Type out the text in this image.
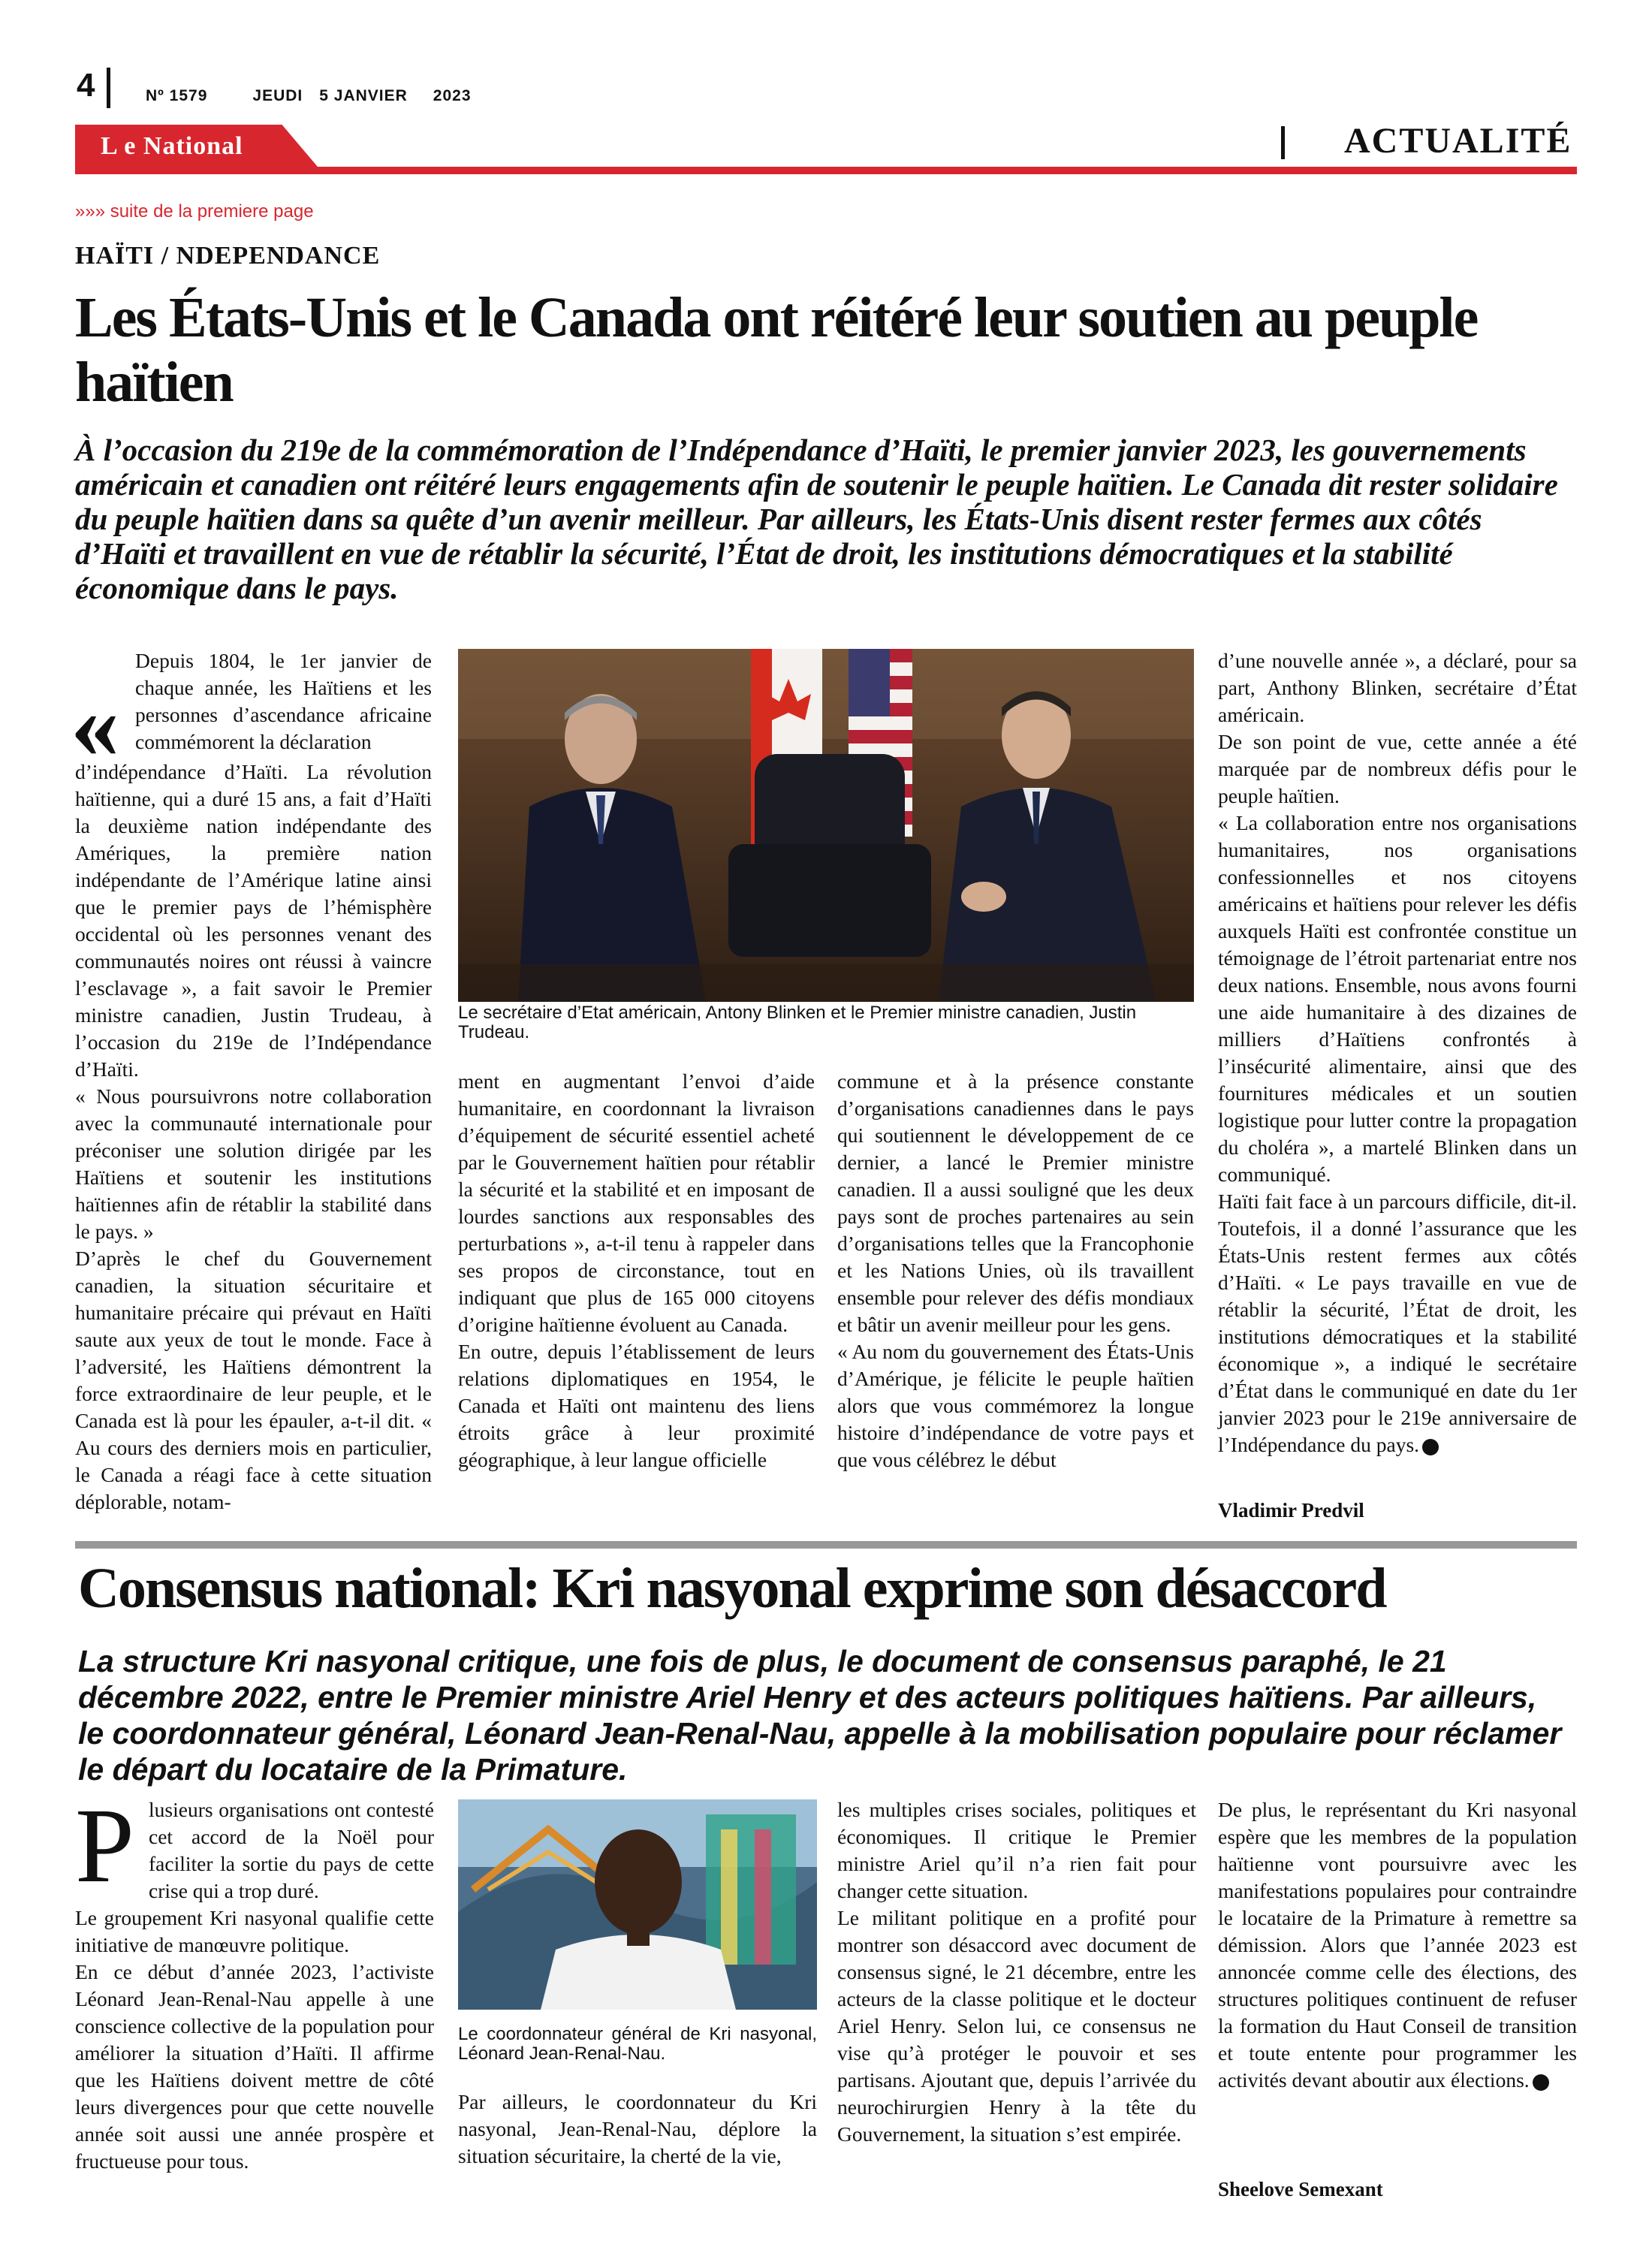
4	Nº 1579	JEUDI 5 JANVIER 2023
L e National	ACTUALITÉ
»»» suite de la premiere page
HAÏTI / NDEPENDANCE
Les États-Unis et le Canada ont réitéré leur soutien au peuple haïtien
À l’occasion du 219e de la commémoration de l’Indépendance d’Haïti, le premier janvier 2023, les gouvernements américain et canadien ont réitéré leurs engagements afin de soutenir le peuple haïtien. Le Canada dit rester solidaire du peuple haïtien dans sa quête d’un avenir meilleur. Par ailleurs, les États-Unis disent rester fermes aux côtés d’Haïti et travaillent en vue de rétablir la sécurité, l’État de droit, les institutions démocratiques et la stabilité économique dans le pays.
«

Depuis 1804, le 1er janvier de chaque année, les Haïtiens et les personnes d’ascendance africaine commémorent la déclaration

d’indépendance d’Haïti. La révolution haïtienne, qui a duré 15 ans, a fait d’Haïti la deuxième nation indépendante des Amériques, la première nation indépendante de l’Amérique latine ainsi que le premier pays de l’hémisphère occidental où les personnes venant des communautés noires ont réussi à vaincre l’esclavage », a fait savoir le Premier ministre canadien, Justin Trudeau, à l’occasion du 219e de l’Indépendance d’Haïti.

« Nous poursuivrons notre collaboration avec la communauté internationale pour préconiser une solution dirigée par les Haïtiens et soutenir les institutions haïtiennes afin de rétablir la stabilité dans le pays. »

D’après le chef du Gouvernement canadien, la situation sécuritaire et humanitaire précaire qui prévaut en Haïti saute aux yeux de tout le monde. Face à l’adversité, les Haïtiens démontrent la force extraordinaire de leur peuple, et le Canada est là pour les épauler, a-t-il dit. « Au cours des derniers mois en particulier, le Canada a réagi face à cette situation déplorable, notam-

Le secrétaire d’Etat américain, Antony Blinken et le Premier ministre canadien, Justin Trudeau.

ment en augmentant l’envoi d’aide humanitaire, en coordonnant la livraison d’équipement de sécurité essentiel acheté par le Gouvernement haïtien pour rétablir la sécurité et la stabilité et en imposant de lourdes sanctions aux responsables des perturbations », a-t-il tenu à rappeler dans ses propos de circonstance, tout en indiquant que plus de 165 000 citoyens d’origine haïtienne évoluent au Canada.

En outre, depuis l’établissement de leurs relations diplomatiques en 1954, le Canada et Haïti ont maintenu des liens étroits grâce à leur proximité géographique, à leur langue officielle

commune et à la présence constante d’organisations canadiennes dans le pays qui soutiennent le développement de ce dernier, a lancé le Premier ministre canadien. Il a aussi souligné que les deux pays sont de proches partenaires au sein d’organisations telles que la Francophonie et les Nations Unies, où ils travaillent ensemble pour relever des défis mondiaux et bâtir un avenir meilleur pour les gens.

« Au nom du gouvernement des États-Unis d’Amérique, je félicite le peuple haïtien alors que vous commémorez la longue histoire d’indépendance de votre pays et que vous célébrez le début

d’une nouvelle année », a déclaré, pour sa part, Anthony Blinken, secrétaire d’État américain.

De son point de vue, cette année a été marquée par de nombreux défis pour le peuple haïtien.

« La collaboration entre nos organisations humanitaires, nos organisations confessionnelles et nos citoyens américains et haïtiens pour relever les défis auxquels Haïti est confrontée constitue un témoignage de l’étroit partenariat entre nos deux nations. Ensemble, nous avons fourni une aide humanitaire à des dizaines de milliers d’Haïtiens confrontés à l’insécurité alimentaire, ainsi que des fournitures médicales et un soutien logistique pour lutter contre la propagation du choléra », a martelé Blinken dans un communiqué.

Haïti fait face à un parcours difficile, dit-il. Toutefois, il a donné l’assurance que les États-Unis restent fermes aux côtés d’Haïti. « Le pays travaille en vue de rétablir la sécurité, l’État de droit, les institutions démocratiques et la stabilité économique », a indiqué le secrétaire d’État dans le communiqué en date du 1er janvier 2023 pour le 219e anniversaire de l’Indépendance du pays.

Vladimir Predvil
Consensus national: Kri nasyonal exprime son désaccord
La structure Kri nasyonal critique, une fois de plus, le document de consensus paraphé, le 21 décembre 2022, entre le Premier ministre Ariel Henry et des acteurs politiques haïtiens. Par ailleurs, le coordonnateur général, Léonard Jean-Renal-Nau, appelle à la mobilisation populaire pour réclamer le départ du locataire de la Primature.
P lusieurs organisations ont contesté cet accord de la Noël pour faciliter la sortie du pays de cette crise qui a trop duré.

Le groupement Kri nasyonal qualifie cette initiative de manœuvre politique.

En ce début d’année 2023, l’activiste Léonard Jean-Renal-Nau appelle à une conscience collective de la population pour améliorer la situation d’Haïti. Il affirme que les Haïtiens doivent mettre de côté leurs divergences pour que cette nouvelle année soit aussi une année prospère et fructueuse pour tous.

Le coordonnateur général de Kri nasyonal, Léonard Jean-Renal-Nau.

Par ailleurs, le coordonnateur du Kri nasyonal, Jean-Renal-Nau, déplore la situation sécuritaire, la cherté de la vie,

les multiples crises sociales, politiques et économiques. Il critique le Premier ministre Ariel qu’il n’a rien fait pour changer cette situation.

Le militant politique en a profité pour montrer son désaccord avec document de consensus signé, le 21 décembre, entre les acteurs de la classe politique et le docteur Ariel Henry. Selon lui, ce consensus ne vise qu’à protéger le pouvoir et ses partisans. Ajoutant que, depuis l’arrivée du neurochirurgien Henry à la tête du Gouvernement, la situation s’est empirée.

De plus, le représentant du Kri nasyonal espère que les membres de la population haïtienne vont poursuivre avec les manifestations populaires pour contraindre le locataire de la Primature à remettre sa démission. Alors que l’année 2023 est annoncée comme celle des élections, des structures politiques continuent de refuser la formation du Haut Conseil de transition et toute entente pour programmer les activités devant aboutir aux élections.

Sheelove Semexant
